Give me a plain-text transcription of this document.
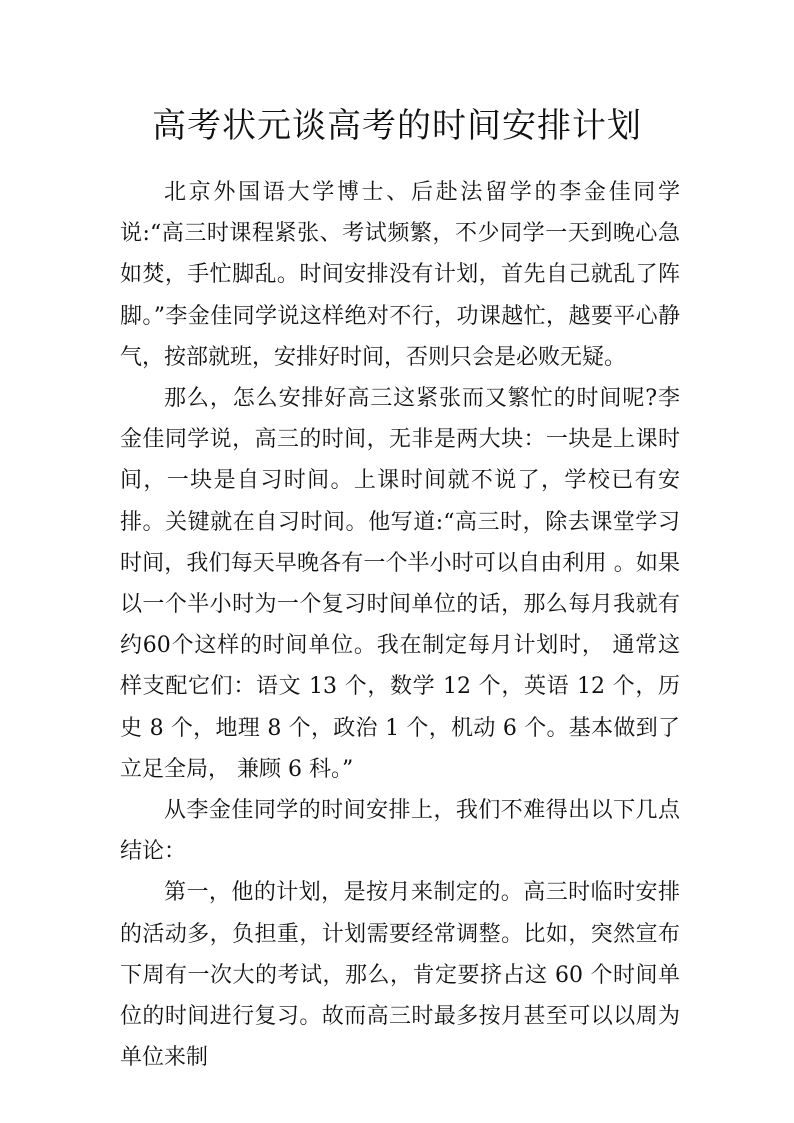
高考状元谈高考的时间安排计划

北京外国语大学博士、后赴法留学的李金佳同学说:“高三时课程紧张、考试频繁，不少同学一天到晚心急如焚，手忙脚乱。时间安排没有计划，首先自己就乱了阵脚。”李金佳同学说这样绝对不行，功课越忙，越要平心静气，按部就班，安排好时间，否则只会是必败无疑。

那么，怎么安排好高三这紧张而又繁忙的时间呢?李金佳同学说，高三的时间，无非是两大块：一块是上课时间，一块是自习时间。上课时间就不说了，学校已有安排。关键就在自习时间。他写道:“高三时，除去课堂学习时间，我们每天早晚各有一个半小时可以自由利用 。如果以一个半小时为一个复习时间单位的话，那么每月我就有约60个这样的时间单位。我在制定每月计划时， 通常这样支配它们：语文 13 个，数学 12 个，英语 12 个，历史 8 个，地理 8 个，政治 1 个，机动 6 个。基本做到了立足全局， 兼顾 6 科。”

从李金佳同学的时间安排上，我们不难得出以下几点结论：

第一，他的计划，是按月来制定的。高三时临时安排的活动多，负担重，计划需要经常调整。比如，突然宣布下周有一次大的考试，那么，肯定要挤占这 60 个时间单位的时间进行复习。故而高三时最多按月甚至可以以周为单位来制
